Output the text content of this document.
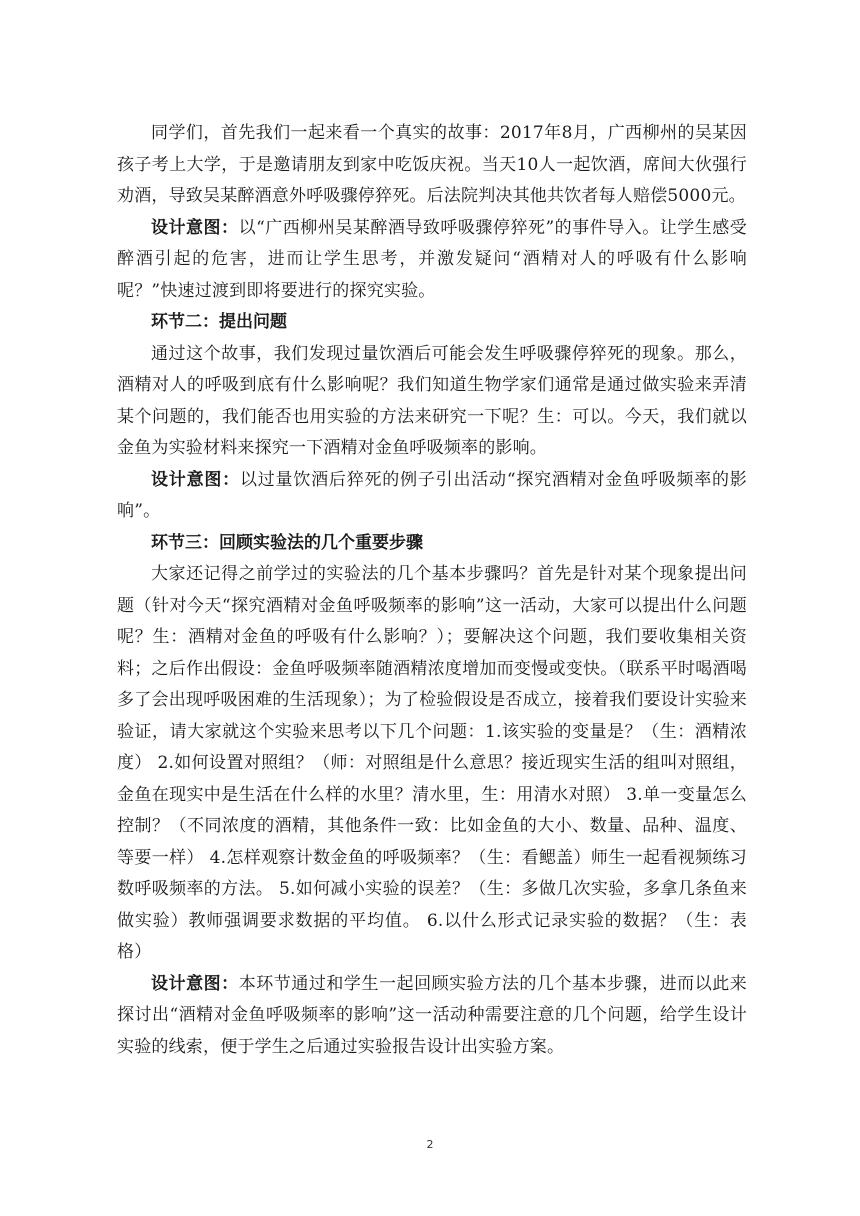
同学们，首先我们一起来看一个真实的故事：2017年8月，广西柳州的吴某因孩子考上大学，于是邀请朋友到家中吃饭庆祝。当天10人一起饮酒，席间大伙强行劝酒，导致吴某醉酒意外呼吸骤停猝死。后法院判决其他共饮者每人赔偿5000元。

设计意图：以“广西柳州吴某醉酒导致呼吸骤停猝死”的事件导入。让学生感受醉酒引起的危害，进而让学生思考，并激发疑问“酒精对人的呼吸有什么影响呢？”快速过渡到即将要进行的探究实验。

环节二：提出问题

通过这个故事，我们发现过量饮酒后可能会发生呼吸骤停猝死的现象。那么，酒精对人的呼吸到底有什么影响呢？我们知道生物学家们通常是通过做实验来弄清某个问题的，我们能否也用实验的方法来研究一下呢？生：可以。今天，我们就以金鱼为实验材料来探究一下酒精对金鱼呼吸频率的影响。

设计意图：以过量饮酒后猝死的例子引出活动“探究酒精对金鱼呼吸频率的影响”。

环节三：回顾实验法的几个重要步骤

大家还记得之前学过的实验法的几个基本步骤吗？首先是针对某个现象提出问题（针对今天“探究酒精对金鱼呼吸频率的影响”这一活动，大家可以提出什么问题呢？生：酒精对金鱼的呼吸有什么影响？）；要解决这个问题，我们要收集相关资料；之后作出假设：金鱼呼吸频率随酒精浓度增加而变慢或变快。（联系平时喝酒喝多了会出现呼吸困难的生活现象）；为了检验假设是否成立，接着我们要设计实验来验证，请大家就这个实验来思考以下几个问题：1.该实验的变量是？（生：酒精浓度） 2.如何设置对照组？（师：对照组是什么意思？接近现实生活的组叫对照组，金鱼在现实中是生活在什么样的水里？清水里，生：用清水对照） 3.单一变量怎么控制？（不同浓度的酒精，其他条件一致：比如金鱼的大小、数量、品种、温度、等要一样） 4.怎样观察计数金鱼的呼吸频率？（生：看鳃盖）师生一起看视频练习数呼吸频率的方法。 5.如何减小实验的误差？（生：多做几次实验，多拿几条鱼来做实验）教师强调要求数据的平均值。 6.以什么形式记录实验的数据？（生：表格）

设计意图：本环节通过和学生一起回顾实验方法的几个基本步骤，进而以此来探讨出“酒精对金鱼呼吸频率的影响”这一活动种需要注意的几个问题，给学生设计实验的线索，便于学生之后通过实验报告设计出实验方案。

2
